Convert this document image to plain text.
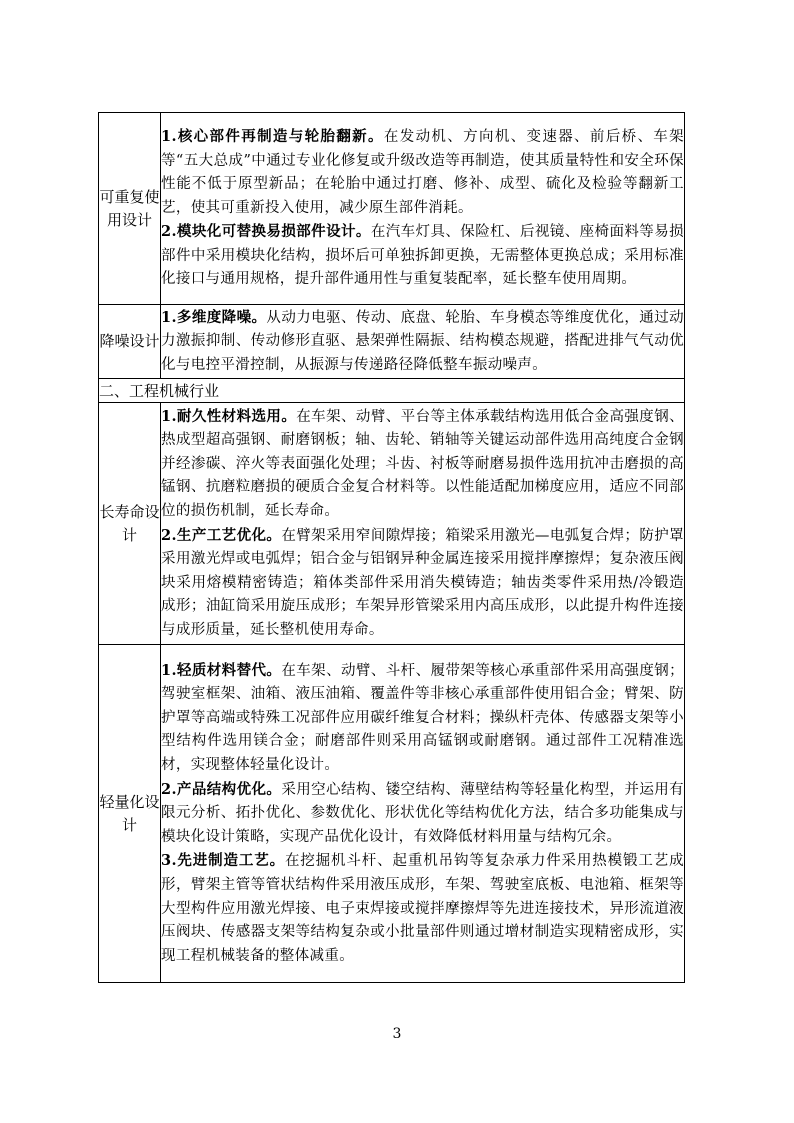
可重复使用设计	1.核心部件再制造与轮胎翻新。在发动机、方向机、变速器、前后桥、车架等“五大总成”中通过专业化修复或升级改造等再制造，使其质量特性和安全环保性能不低于原型新品；在轮胎中通过打磨、修补、成型、硫化及检验等翻新工艺，使其可重新投入使用，减少原生部件消耗。

2.模块化可替换易损部件设计。在汽车灯具、保险杠、后视镜、座椅面料等易损部件中采用模块化结构，损坏后可单独拆卸更换，无需整体更换总成；采用标准化接口与通用规格，提升部件通用性与重复装配率，延长整车使用周期。

降噪设计	1.多维度降噪。从动力电驱、传动、底盘、轮胎、车身模态等维度优化，通过动力激振抑制、传动修形直驱、悬架弹性隔振、结构模态规避，搭配进排气气动优化与电控平滑控制，从振源与传递路径降低整车振动噪声。

二、工程机械行业	
长寿命设计	1.耐久性材料选用。在车架、动臂、平台等主体承载结构选用低合金高强度钢、热成型超高强钢、耐磨钢板；轴、齿轮、销轴等关键运动部件选用高纯度合金钢并经渗碳、淬火等表面强化处理；斗齿、衬板等耐磨易损件选用抗冲击磨损的高锰钢、抗磨粒磨损的硬质合金复合材料等。以性能适配加梯度应用，适应不同部位的损伤机制，延长寿命。

2.生产工艺优化。在臂架采用窄间隙焊接；箱梁采用激光—电弧复合焊；防护罩采用激光焊或电弧焊；铝合金与铝钢异种金属连接采用搅拌摩擦焊；复杂液压阀块采用熔模精密铸造；箱体类部件采用消失模铸造；轴齿类零件采用热/冷锻造成形；油缸筒采用旋压成形；车架异形管梁采用内高压成形，以此提升构件连接与成形质量，延长整机使用寿命。

轻量化设计	1.轻质材料替代。在车架、动臂、斗杆、履带架等核心承重部件采用高强度钢；驾驶室框架、油箱、液压油箱、覆盖件等非核心承重部件使用铝合金；臂架、防护罩等高端或特殊工况部件应用碳纤维复合材料；操纵杆壳体、传感器支架等小型结构件选用镁合金；耐磨部件则采用高锰钢或耐磨钢。通过部件工况精准选材，实现整体轻量化设计。

2.产品结构优化。采用空心结构、镂空结构、薄壁结构等轻量化构型，并运用有限元分析、拓扑优化、参数优化、形状优化等结构优化方法，结合多功能集成与模块化设计策略，实现产品优化设计，有效降低材料用量与结构冗余。

3.先进制造工艺。在挖掘机斗杆、起重机吊钩等复杂承力件采用热模锻工艺成形，臂架主管等管状结构件采用液压成形，车架、驾驶室底板、电池箱、框架等大型构件应用激光焊接、电子束焊接或搅拌摩擦焊等先进连接技术，异形流道液压阀块、传感器支架等结构复杂或小批量部件则通过增材制造实现精密成形，实现工程机械装备的整体减重。

3
